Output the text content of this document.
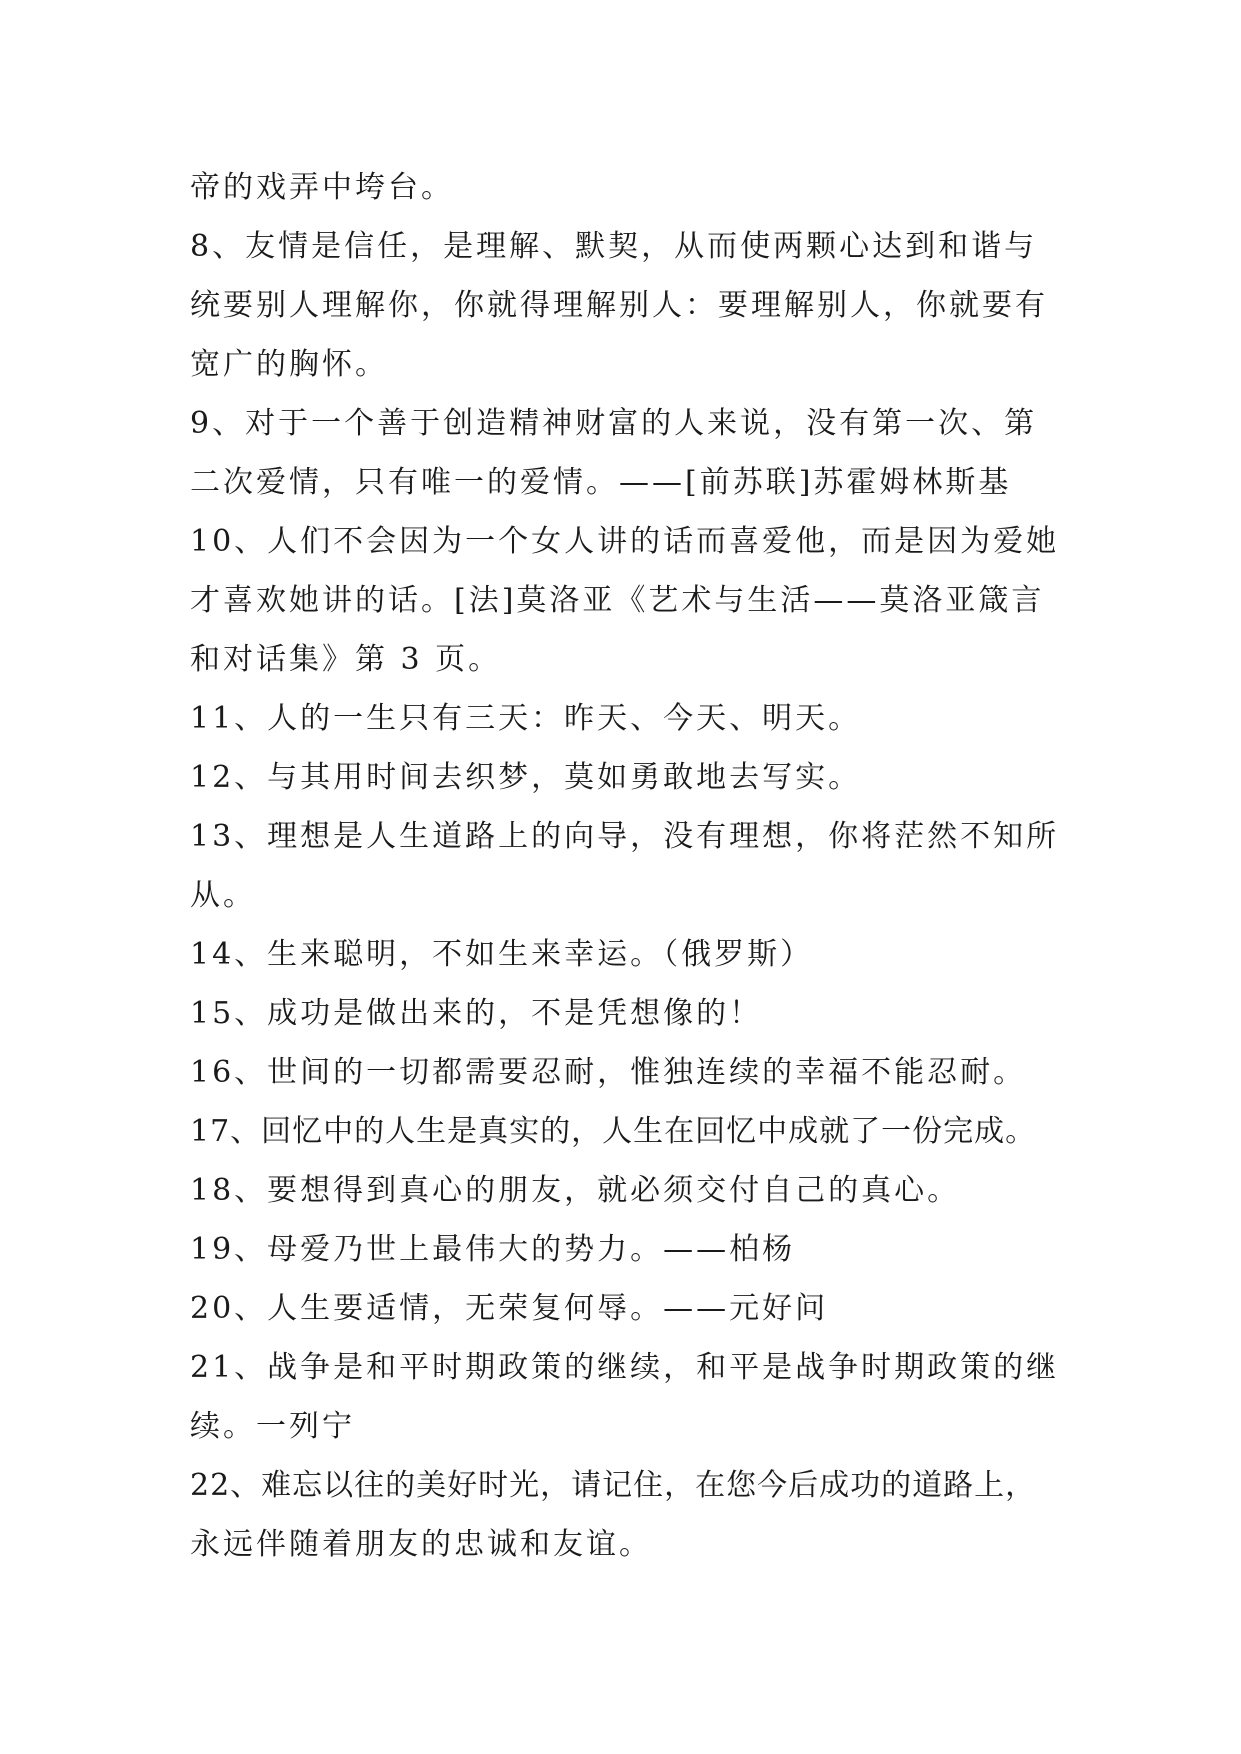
帝的戏弄中垮台。
8、友情是信任，是理解、默契，从而使两颗心达到和谐与
统要别人理解你，你就得理解别人：要理解别人，你就要有
宽广的胸怀。
9、对于一个善于创造精神财富的人来说，没有第一次、第
二次爱情，只有唯一的爱情。——[前苏联]苏霍姆林斯基
10、人们不会因为一个女人讲的话而喜爱他，而是因为爱她
才喜欢她讲的话。[法]莫洛亚《艺术与生活——莫洛亚箴言
和对话集》第 3 页。
11、人的一生只有三天：昨天、今天、明天。
12、与其用时间去织梦，莫如勇敢地去写实。
13、理想是人生道路上的向导，没有理想，你将茫然不知所
从。
14、生来聪明，不如生来幸运。（俄罗斯）
15、成功是做出来的，不是凭想像的！
16、世间的一切都需要忍耐，惟独连续的幸福不能忍耐。
17、回忆中的人生是真实的，人生在回忆中成就了一份完成。
18、要想得到真心的朋友，就必须交付自己的真心。
19、母爱乃世上最伟大的势力。——柏杨
20、人生要适情，无荣复何辱。——元好问
21、战争是和平时期政策的继续，和平是战争时期政策的继
续。一列宁
22、难忘以往的美好时光，请记住，在您今后成功的道路上，
永远伴随着朋友的忠诚和友谊。
